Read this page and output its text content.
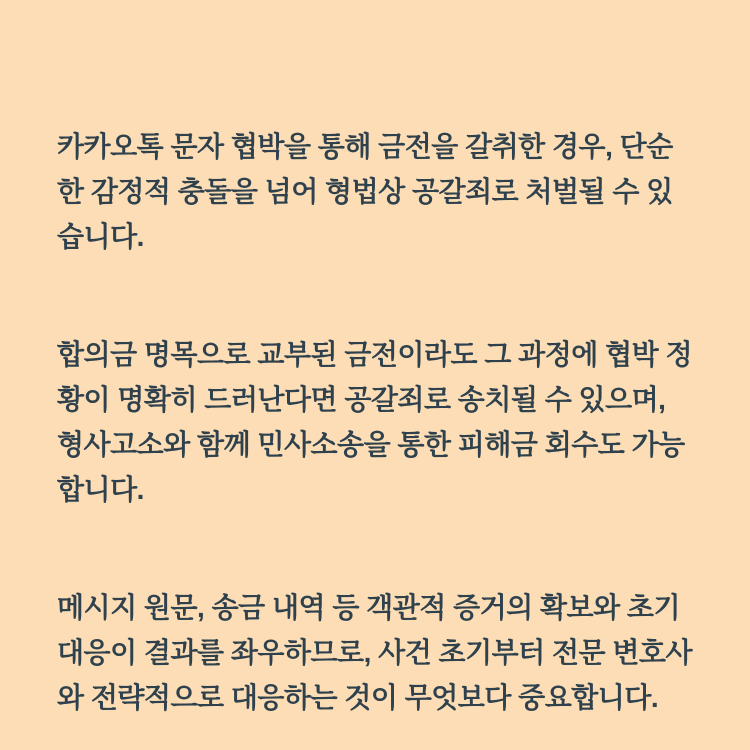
카카오톡 문자 협박을 통해 금전을 갈취한 경우, 단순한 감정적 충돌을 넘어 형법상 공갈죄로 처벌될 수 있습니다.

합의금 명목으로 교부된 금전이라도 그 과정에 협박 정황이 명확히 드러난다면 공갈죄로 송치될 수 있으며, 형사고소와 함께 민사소송을 통한 피해금 회수도 가능합니다.

메시지 원문, 송금 내역 등 객관적 증거의 확보와 초기 대응이 결과를 좌우하므로, 사건 초기부터 전문 변호사와 전략적으로 대응하는 것이 무엇보다 중요합니다.
